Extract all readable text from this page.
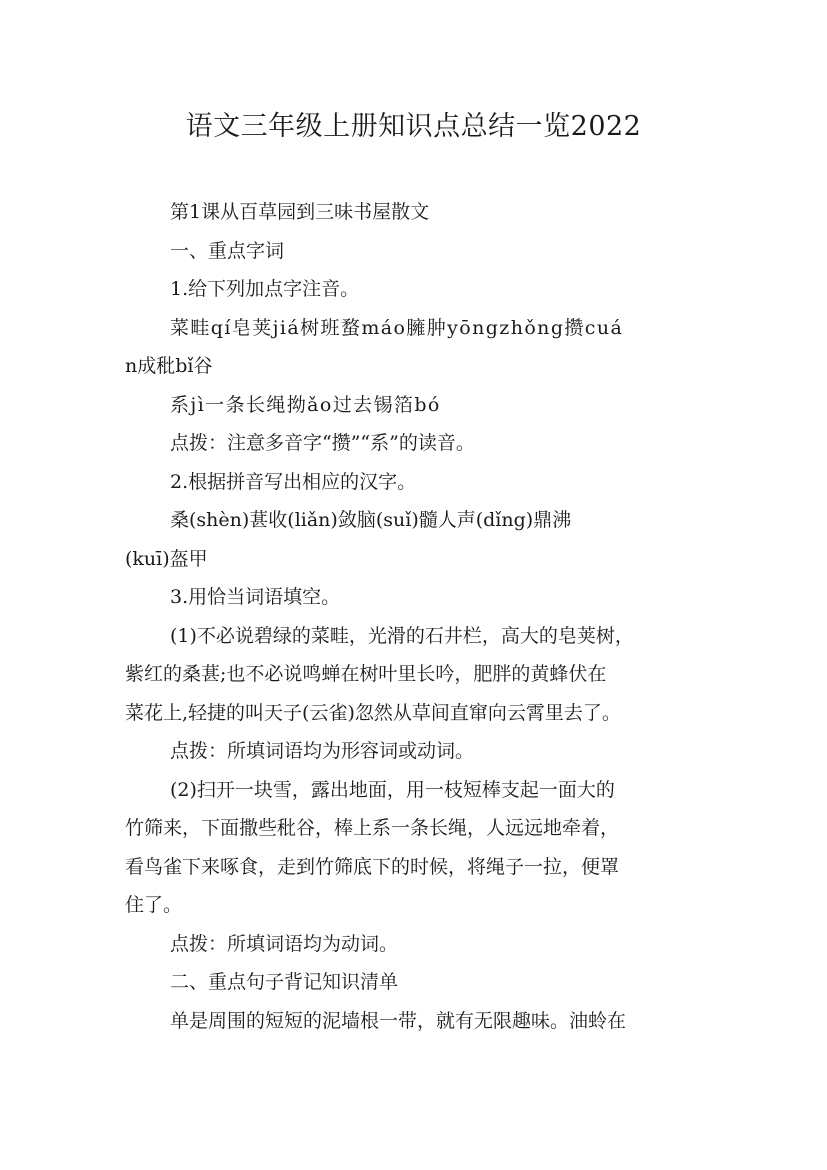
语文三年级上册知识点总结一览2022
第1课从百草园到三味书屋散文
一、重点字词
1.给下列加点字注音。
菜畦qí皂荚jiá树班蝥máo臃肿yōngzhǒng攒cuá
n成秕bǐ谷
系jì一条长绳拗ǎo过去锡箔bó
点拨：注意多音字“攒”“系”的读音。
2.根据拼音写出相应的汉字。
桑(shèn)葚收(liǎn)敛脑(suǐ)髓人声(dǐng)鼎沸
(kuī)盔甲
3.用恰当词语填空。
(1)不必说碧绿的菜畦，光滑的石井栏，高大的皂荚树，
紫红的桑葚;也不必说鸣蝉在树叶里长吟，肥胖的黄蜂伏在
菜花上,轻捷的叫天子(云雀)忽然从草间直窜向云霄里去了。
点拨：所填词语均为形容词或动词。
(2)扫开一块雪，露出地面，用一枝短棒支起一面大的
竹筛来，下面撒些秕谷，棒上系一条长绳，人远远地牵着，
看鸟雀下来啄食，走到竹筛底下的时候，将绳子一拉，便罩
住了。
点拨：所填词语均为动词。
二、重点句子背记知识清单
单是周围的短短的泥墙根一带，就有无限趣味。油蛉在
